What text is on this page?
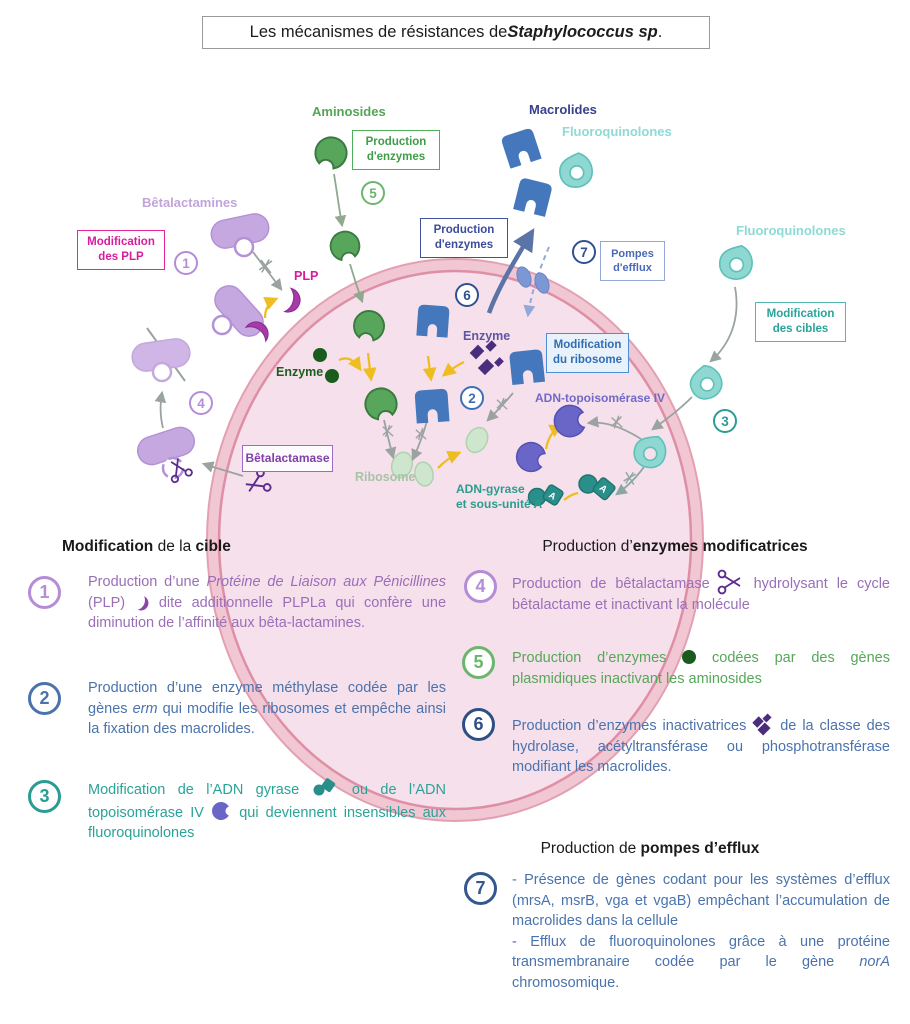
Les mécanismes de résistances de Staphylococcus sp .
A
A
Aminosides	Macrolides
Fluoroquinolones
Bêtalactamines
Fluoroquinolones
PLP
Enzyme
Enzyme
ADN-topoisomérase IV
Ribosome
ADN-gyrase
et sous-unité A
Modification
des PLP
Production
d'enzymes
Production
d'enzymes
Pompes
d'efflux
Modification
des cibles
Modification
du ribosome
Bêtalactamase
1
5
7
6
2
3
4
Modification de la cible
1	Production d’une Protéine de Liaison aux Pénicillines (PLP)  dite additionnelle PLPLa qui confère une diminution de l’affinité aux bêta-lactamines.
2	Production d’une enzyme méthylase codée par les gènes erm qui modifie les ribosomes et empêche ainsi la fixation des macrolides.
3	Modification de l’ADN gyrase  ou de l’ADN topoisomérase IV  qui deviennent insensibles aux fluoroquinolones
Production d’enzymes modificatrices
4	Production de bêtalactamase  hydrolysant le cycle bêtalactame et inactivant la molécule
5	Production d’enzymes  codées par des gènes plasmidiques inactivant les aminosides
6	Production d’enzymes inactivatrices  de la classe des hydrolase, acétyltransférase ou phosphotransférase modifiant les macrolides.
Production de pompes d’efflux
7	- Présence de gènes codant pour les systèmes d’efflux (mrsA, msrB, vga et vgaB) empêchant l’accumulation de macrolides dans la cellule
- Efflux de fluoroquinolones grâce à une protéine transmembranaire codée par le gène norA chromosomique.
